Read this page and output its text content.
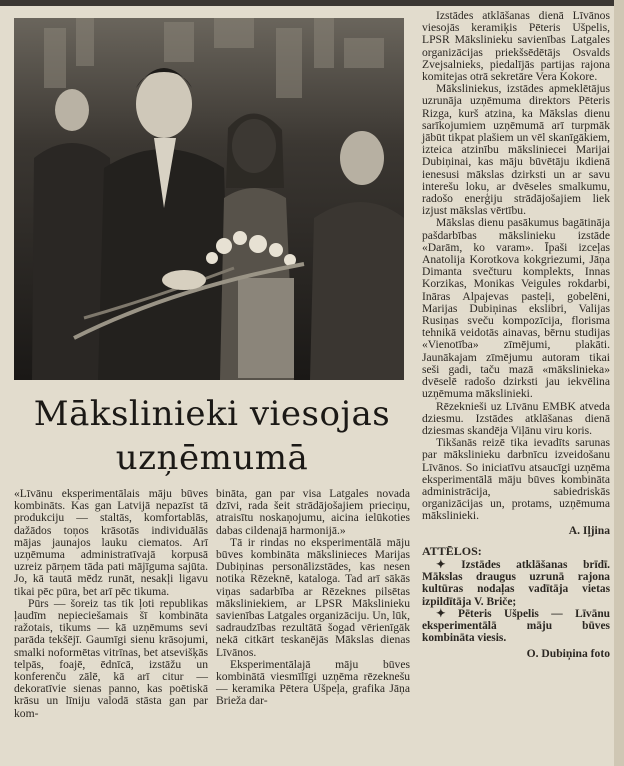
Mākslinieki viesojas
uzņēmumā

«Līvānu eksperimentālais māju būves kombināts. Kas gan Latvijā nepazīst tā produkciju — staltās, komfortablās, dažādos toņos krāsotās individuālās mājas jaunajos lauku ciematos. Arī uzņēmuma administratīvajā korpusā uzreiz pārņem tāda pati mājīguma sajūta. Jo, kā tautā mēdz runāt, nesakļi ligavu tikai pēc pūra, bet arī pēc tikuma.

Pūrs — šoreiz tas tik ļoti republikas ļaudīm nepieciešamais šī kombināta ražotais, tikums — kā uzņēmums sevi parāda tekšējī. Gaumīgi sienu krāsojumi, smalki noformētas vitrīnas, bet atsevišķās telpās, foajē, ēdnīcā, izstāžu un konferenču zālē, kā arī citur — dekoratīvie sienas panno, kas poētiskā krāsu un līniju valodā stāsta gan par kom-

bināta, gan par visa Latgales novada dzīvi, rada šeit strādājošajiem prieciņu, atraisītu noskaņojumu, aicina ielūkoties dabas cildenajā harmonijā.»

Tā ir rindas no eksperimentālā māju būves kombināta mākslinieces Marijas Dubiņinas personālizstādes, kas nesen notika Rēzeknē, kataloga. Tad arī sākās viņas sadarbība ar Rēzeknes pilsētas māksliniekiem, ar LPSR Mākslinieku savienības Latgales organizāciju. Un, lūk, sadraudzības rezultātā šogad vērienīgāk nekā citkārt teskanējās Mākslas dienas Līvānos.

Eksperimentālajā māju būves kombinātā viesmīlīgi uzņēma rēzeknešu — keramika Pētera Ušpeļa, grafika Jāņa Brieža dar-

Izstādes atklāšanas dienā Līvānos viesojās keramiķis Pēteris Ušpelis, LPSR Mākslinieku savienības Latgales organizācijas priekšsēdētājs Osvalds Zvejsalnieks, piedalījās partijas rajona komitejas otrā sekretāre Vera Kokore.

Māksliniekus, izstādes apmeklētājus uzrunāja uzņēmuma direktors Pēteris Rizga, kurš atzina, ka Mākslas dienu sarīkojumiem uzņēmumā arī turpmāk jābūt tikpat plašiem un vēl skanīgākiem, izteica atzinību māksliniecei Marijai Dubiņinai, kas māju būvētāju ikdienā ienesusi mākslas dzirksti un ar savu interešu loku, ar dvēseles smalkumu, radošo enerģiju strādājošajiem liek izjust mākslas vērtību.

Mākslas dienu pasākumus bagātināja pašdarbības mākslinieku izstāde «Darām, ko varam». Īpaši izceļas Anatolija Korotkova kokgriezumi, Jāņa Dimanta svečturu komplekts, Innas Korzikas, Monikas Veigules rokdarbi, Ināras Alpajevas pasteļi, gobelēni, Marijas Dubiņinas ekslibri, Valijas Rusiņas sveču kompozīcija, florisma tehnikā veidotās ainavas, bērnu studijas «Vienotība» zīmējumi, plakāti. Jaunākajam zīmējumu autoram tikai seši gadi, taču mazā «mākslinieka» dvēselē radošo dzirksti jau iekvēlina uzņēmuma mākslinieki.

Rēzeknieši uz Līvānu EMBK atveda dziesmu. Izstādes atklāšanas dienā dziesmas skandēja Viļānu viru koris.

Tikšanās reizē tika ievadīts sarunas par mākslinieku darbnīcu izveidošanu Līvānos. So iniciatīvu atsaucīgi uzņēma eksperimentālā māju būves kombināta administrācija, sabiedriskās organizācijas un, protams, uzņēmuma mākslinieki.

A. Iļjina
ATTĒLOS:

✦ Izstādes atklāšanas brīdī. Mākslas draugus uzrunā rajona kultūras nodaļas vadītāja vietas izpildītāja V. Briče;

✦ Pēteris Ušpelis — Līvānu eksperimentālā māju būves kombināta viesis.

O. Dubiņina foto
